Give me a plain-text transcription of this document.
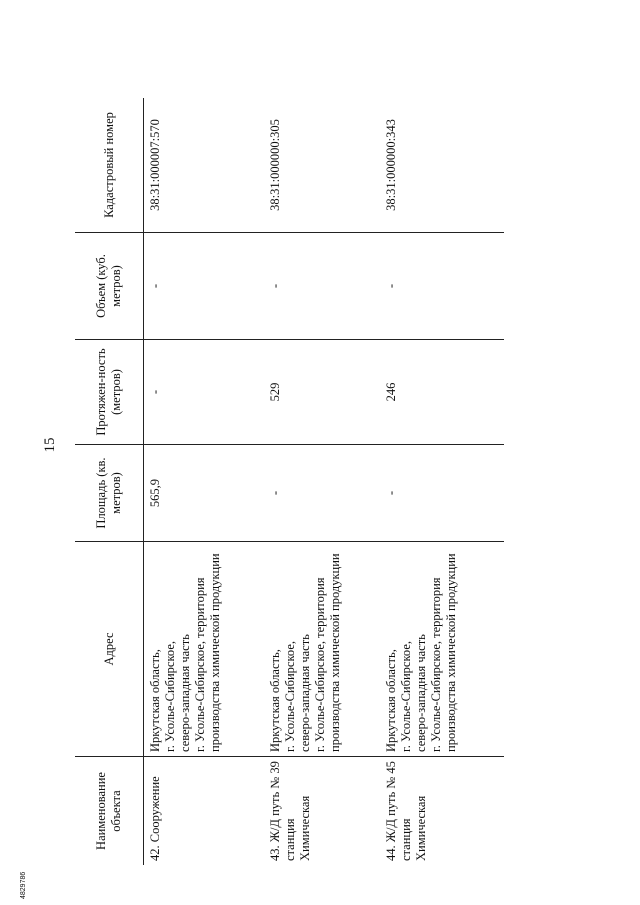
15
Наименование объекта	Адрес	Площадь (кв. метров)	Протяжен-ность (метров)	Объем (куб. метров)	Кадастровый номер
42. Сооружение	Иркутская область,
г. Усолье-Сибирское,
северо-западная часть
г. Усолье-Сибирское, территория производства химической продукции	565,9	-	-	38:31:000007:570
43. Ж/Д путь № 39 станция Химическая	Иркутская область,
г. Усолье-Сибирское,
северо-западная часть
г. Усолье-Сибирское, территория производства химической продукции	-	529	-	38:31:000000:305
44. Ж/Д путь № 45 станция Химическая	Иркутская область,
г. Усолье-Сибирское,
северо-западная часть
г. Усолье-Сибирское, территория производства химической продукции	-	246	-	38:31:000000:343
4829786
